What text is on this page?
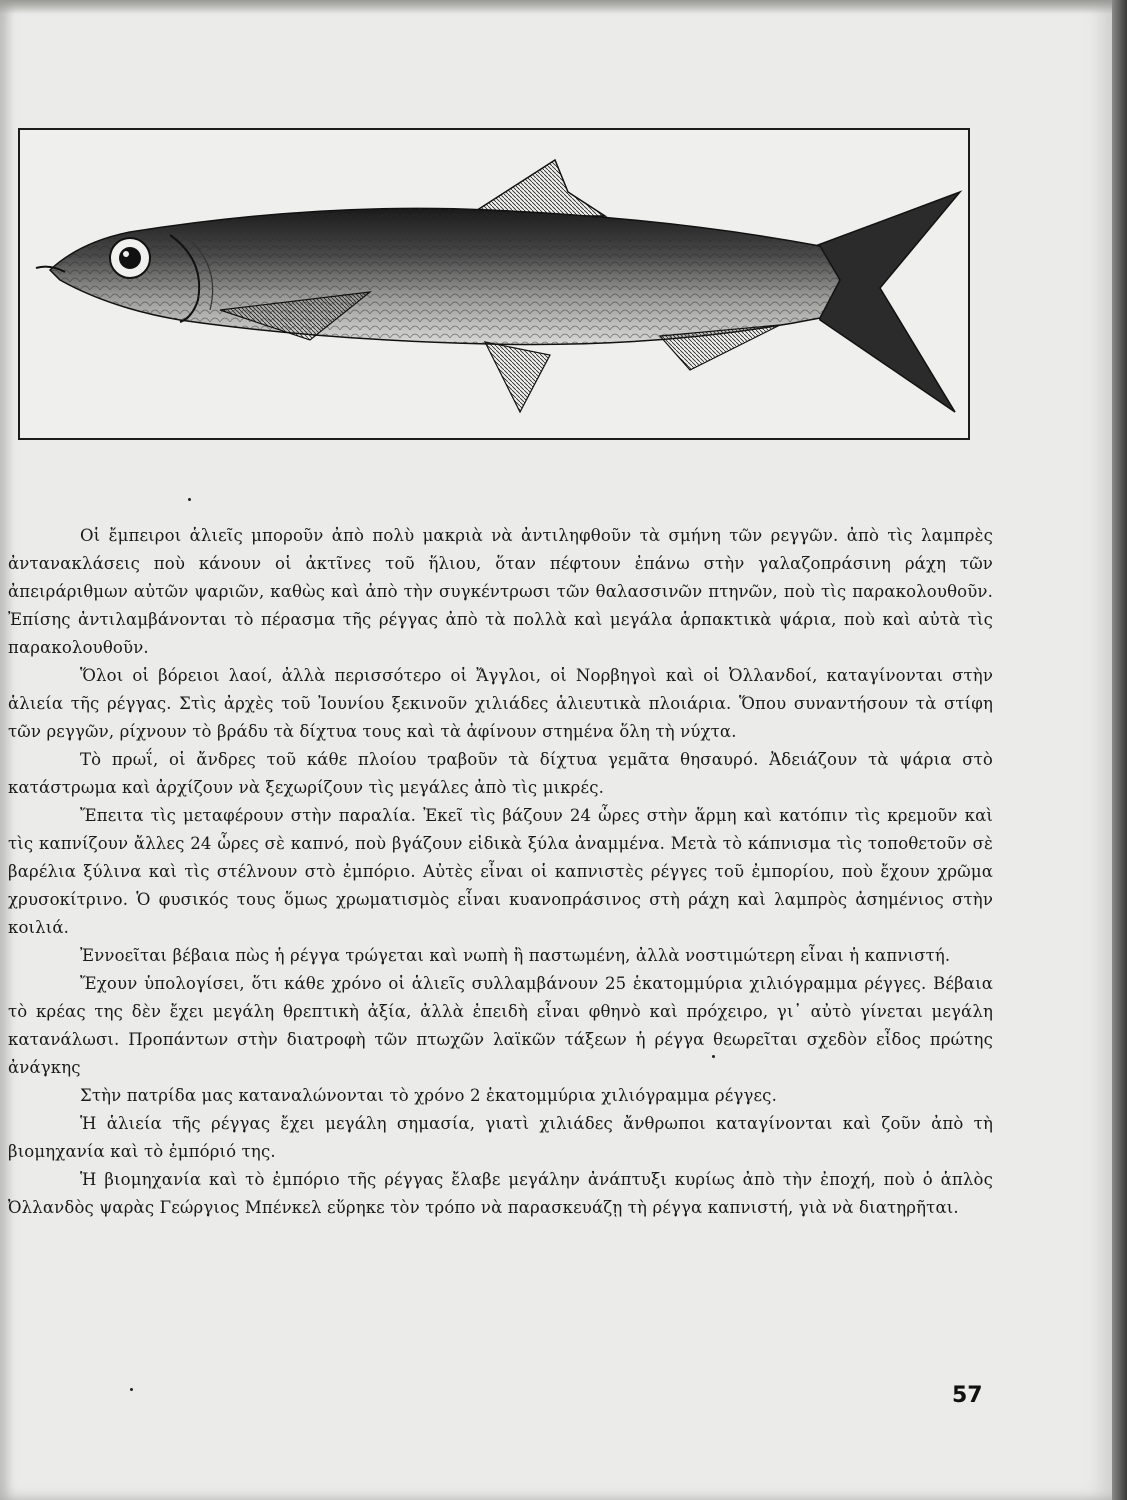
Οἱ ἔμπειροι ἁλιεῖς μποροῦν ἀπὸ πολὺ μακριὰ νὰ ἀντιληφθοῦν τὰ σμήνη τῶν ρεγγῶν. ἀπὸ τὶς λαμπρὲς ἀντανακλάσεις ποὺ κάνουν οἱ ἀκτῖνες τοῦ ἥλιου, ὅταν πέφτουν ἐπάνω στὴν γαλαζοπράσινη ράχη τῶν ἀπειράριθμων αὐτῶν ψαριῶν, καθὼς καὶ ἀπὸ τὴν συγκέντρωσι τῶν θαλασσινῶν πτηνῶν, ποὺ τὶς παρακολουθοῦν. Ἐπίσης ἀντιλαμβάνονται τὸ πέρασμα τῆς ρέγγας ἀπὸ τὰ πολλὰ καὶ μεγάλα ἁρπακτικὰ ψάρια, ποὺ καὶ αὐτὰ τὶς παρακολουθοῦν.

Ὅλοι οἱ βόρειοι λαοί, ἀλλὰ περισσότερο οἱ Ἄγγλοι, οἱ Νορβηγοὶ καὶ οἱ Ὀλλανδοί, καταγίνονται στὴν ἁλιεία τῆς ρέγγας. Στὶς ἀρχὲς τοῦ Ἰουνίου ξεκινοῦν χιλιάδες ἁλιευτικὰ πλοιάρια. Ὅπου συναντήσουν τὰ στίφη τῶν ρεγγῶν, ρίχνουν τὸ βράδυ τὰ δίχτυα τους καὶ τὰ ἀφίνουν στημένα ὅλη τὴ νύχτα.

Τὸ πρωΐ, οἱ ἄνδρες τοῦ κάθε πλοίου τραβοῦν τὰ δίχτυα γεμᾶτα θησαυρό. Ἀδειάζουν τὰ ψάρια στὸ κατάστρωμα καὶ ἀρχίζουν νὰ ξεχωρίζουν τὶς μεγάλες ἀπὸ τὶς μικρές.

Ἔπειτα τὶς μεταφέρουν στὴν παραλία. Ἐκεῖ τὶς βάζουν 24 ὧρες στὴν ἅρμη καὶ κατόπιν τὶς κρεμοῦν καὶ τὶς καπνίζουν ἄλλες 24 ὧρες σὲ καπνό, ποὺ βγάζουν εἰδικὰ ξύλα ἀναμμένα. Μετὰ τὸ κάπνισμα τὶς τοποθετοῦν σὲ βαρέλια ξύλινα καὶ τὶς στέλνουν στὸ ἐμπόριο. Αὐτὲς εἶναι οἱ καπνιστὲς ρέγγες τοῦ ἐμπορίου, ποὺ ἔχουν χρῶμα χρυσοκίτρινο. Ὁ φυσικός τους ὅμως χρωματισμὸς εἶναι κυανοπράσινος στὴ ράχη καὶ λαμπρὸς ἀσημένιος στὴν κοιλιά.

Ἐννοεῖται βέβαια πὼς ἡ ρέγγα τρώγεται καὶ νωπὴ ἢ παστωμένη, ἀλλὰ νοστιμώτερη εἶναι ἡ καπνιστή.

Ἔχουν ὑπολογίσει, ὅτι κάθε χρόνο οἱ ἁλιεῖς συλλαμβάνουν 25 ἑκατομμύρια χιλιόγραμμα ρέγγες. Βέβαια τὸ κρέας της δὲν ἔχει μεγάλη θρεπτικὴ ἀξία, ἀλλὰ ἐπειδὴ εἶναι φθηνὸ καὶ πρόχειρο, γι᾽ αὐτὸ γίνεται μεγάλη κατανάλωσι. Προπάντων στὴν διατροφὴ τῶν πτωχῶν λαϊκῶν τάξεων ἡ ρέγγα θεωρεῖται σχεδὸν εἶδος πρώτης ἀνάγκης

Στὴν πατρίδα μας καταναλώνονται τὸ χρόνο 2 ἑκατομμύρια χιλιόγραμμα ρέγγες.

Ἡ ἁλιεία τῆς ρέγγας ἔχει μεγάλη σημασία, γιατὶ χιλιάδες ἄνθρωποι καταγίνονται καὶ ζοῦν ἀπὸ τὴ βιομηχανία καὶ τὸ ἐμπόριό της.

Ἡ βιομηχανία καὶ τὸ ἐμπόριο τῆς ρέγγας ἔλαβε μεγάλην ἀνάπτυξι κυρίως ἀπὸ τὴν ἐποχή, ποὺ ὁ ἁπλὸς Ὀλλανδὸς ψαρὰς Γεώργιος Μπένκελ εὕρηκε τὸν τρόπο νὰ παρασκευάζῃ τὴ ρέγγα καπνιστή, γιὰ νὰ διατηρῆται.

57
